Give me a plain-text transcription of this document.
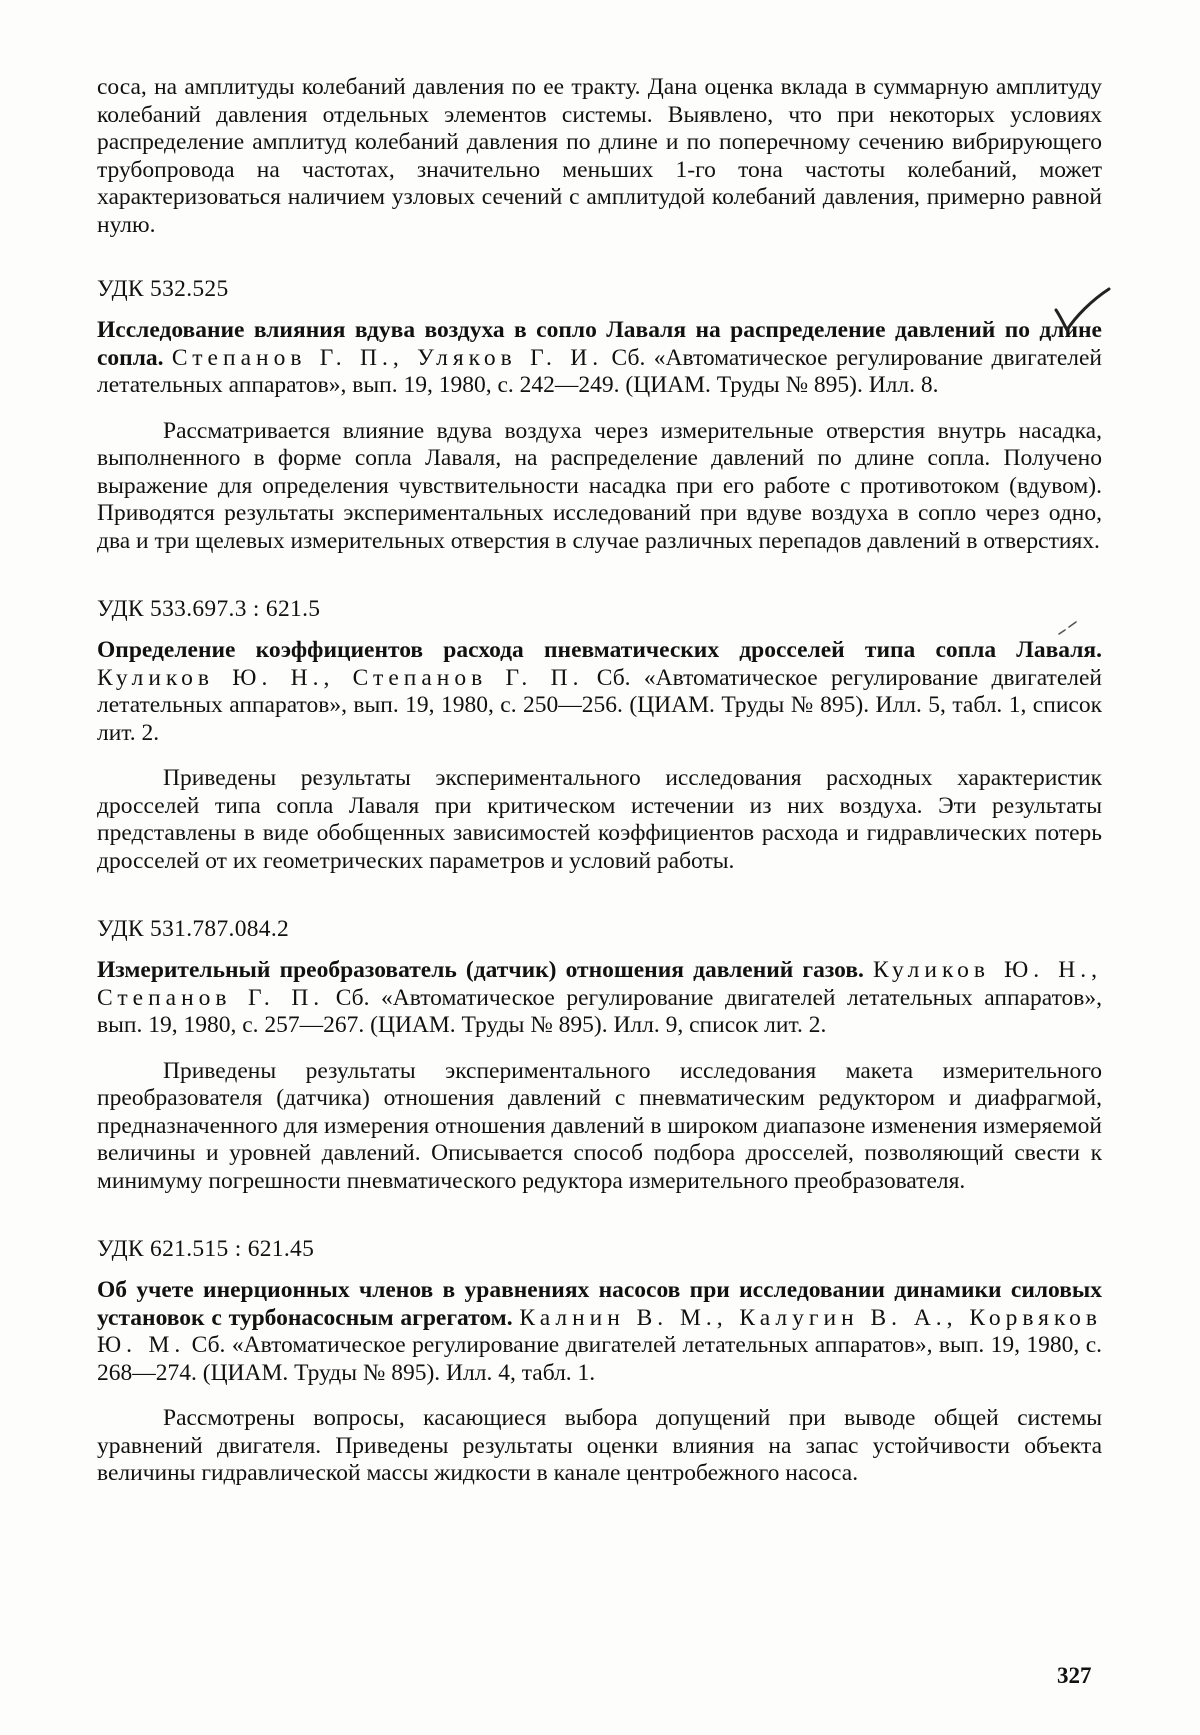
соса, на амплитуды колебаний давления по ее тракту. Дана оценка вклада в суммарную амплитуду колебаний давления отдельных элементов системы. Выявлено, что при некоторых условиях распределение амплитуд колебаний давления по длине и по поперечному сечению вибрирующего трубопровода на частотах, значительно меньших 1-го тона частоты колебаний, может характеризоваться наличием узловых сечений с амплитудой колебаний давления, примерно равной нулю.

УДК 532.525

Исследование влияния вдува воздуха в сопло Лаваля на распределение давлений по длине сопла. Степанов Г. П., Уляков Г. И. Сб. «Автоматическое регулирование двигателей летательных аппаратов», вып. 19, 1980, с. 242—249. (ЦИАМ. Труды № 895). Илл. 8.

Рассматривается влияние вдува воздуха через измерительные отверстия внутрь насадка, выполненного в форме сопла Лаваля, на распределение давлений по длине сопла. Получено выражение для определения чувствительности насадка при его работе с противотоком (вдувом). Приводятся результаты экспериментальных исследований при вдуве воздуха в сопло через одно, два и три щелевых измерительных отверстия в случае различных перепадов давлений в отверстиях.

УДК 533.697.3 : 621.5

Определение коэффициентов расхода пневматических дросселей типа сопла Лаваля. Куликов Ю. Н., Степанов Г. П. Сб. «Автоматическое регулирование двигателей летательных аппаратов», вып. 19, 1980, с. 250—256. (ЦИАМ. Труды № 895). Илл. 5, табл. 1, список лит. 2.

Приведены результаты экспериментального исследования расходных характеристик дросселей типа сопла Лаваля при критическом истечении из них воздуха. Эти результаты представлены в виде обобщенных зависимостей коэффициентов расхода и гидравлических потерь дросселей от их геометрических параметров и условий работы.

УДК 531.787.084.2

Измерительный преобразователь (датчик) отношения давлений газов. Куликов Ю. Н., Степанов Г. П. Сб. «Автоматическое регулирование двигателей летательных аппаратов», вып. 19, 1980, с. 257—267. (ЦИАМ. Труды № 895). Илл. 9, список лит. 2.

Приведены результаты экспериментального исследования макета измерительного преобразователя (датчика) отношения давлений с пневматическим редуктором и диафрагмой, предназначенного для измерения отношения давлений в широком диапазоне изменения измеряемой величины и уровней давлений. Описывается способ подбора дросселей, позволяющий свести к минимуму погрешности пневматического редуктора измерительного преобразователя.

УДК 621.515 : 621.45

Об учете инерционных членов в уравнениях насосов при исследовании динамики силовых установок с турбонасосным агрегатом. Калнин В. М., Калугин В. А., Корвяков Ю. М. Сб. «Автоматическое регулирование двигателей летательных аппаратов», вып. 19, 1980, с. 268—274. (ЦИАМ. Труды № 895). Илл. 4, табл. 1.

Рассмотрены вопросы, касающиеся выбора допущений при выводе общей системы уравнений двигателя. Приведены результаты оценки влияния на запас устойчивости объекта величины гидравлической массы жидкости в канале центробежного насоса.

327
